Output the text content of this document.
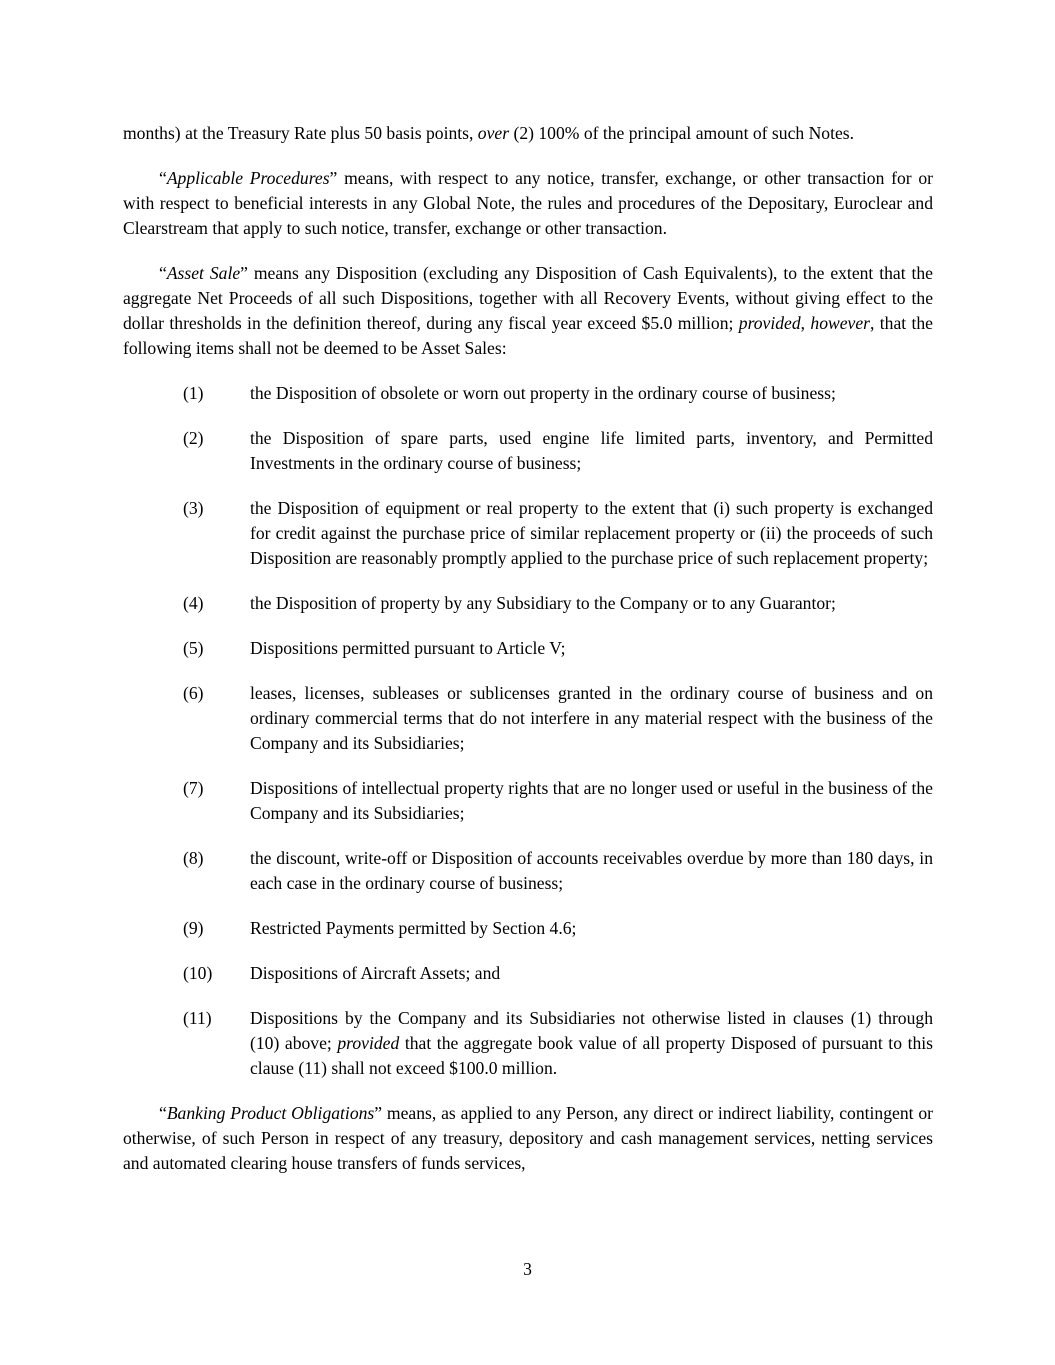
months) at the Treasury Rate plus 50 basis points, over (2) 100% of the principal amount of such Notes.
“Applicable Procedures” means, with respect to any notice, transfer, exchange, or other transaction for or with respect to beneficial interests in any Global Note, the rules and procedures of the Depositary, Euroclear and Clearstream that apply to such notice, transfer, exchange or other transaction.
“Asset Sale” means any Disposition (excluding any Disposition of Cash Equivalents), to the extent that the aggregate Net Proceeds of all such Dispositions, together with all Recovery Events, without giving effect to the dollar thresholds in the definition thereof, during any fiscal year exceed $5.0 million; provided, however, that the following items shall not be deemed to be Asset Sales:
(1)	the Disposition of obsolete or worn out property in the ordinary course of business;
(2)	the Disposition of spare parts, used engine life limited parts, inventory, and Permitted Investments in the ordinary course of business;
(3)	the Disposition of equipment or real property to the extent that (i) such property is exchanged for credit against the purchase price of similar replacement property or (ii) the proceeds of such Disposition are reasonably promptly applied to the purchase price of such replacement property;
(4)	the Disposition of property by any Subsidiary to the Company or to any Guarantor;
(5)	Dispositions permitted pursuant to Article V;
(6)	leases, licenses, subleases or sublicenses granted in the ordinary course of business and on ordinary commercial terms that do not interfere in any material respect with the business of the Company and its Subsidiaries;
(7)	Dispositions of intellectual property rights that are no longer used or useful in the business of the Company and its Subsidiaries;
(8)	the discount, write-off or Disposition of accounts receivables overdue by more than 180 days, in each case in the ordinary course of business;
(9)	Restricted Payments permitted by Section 4.6;
(10) Dispositions of Aircraft Assets; and
(11) Dispositions by the Company and its Subsidiaries not otherwise listed in clauses (1) through (10) above; provided that the aggregate book value of all property Disposed of pursuant to this clause (11) shall not exceed $100.0 million.
“Banking Product Obligations” means, as applied to any Person, any direct or indirect liability, contingent or otherwise, of such Person in respect of any treasury, depository and cash management services, netting services and automated clearing house transfers of funds services,
3
